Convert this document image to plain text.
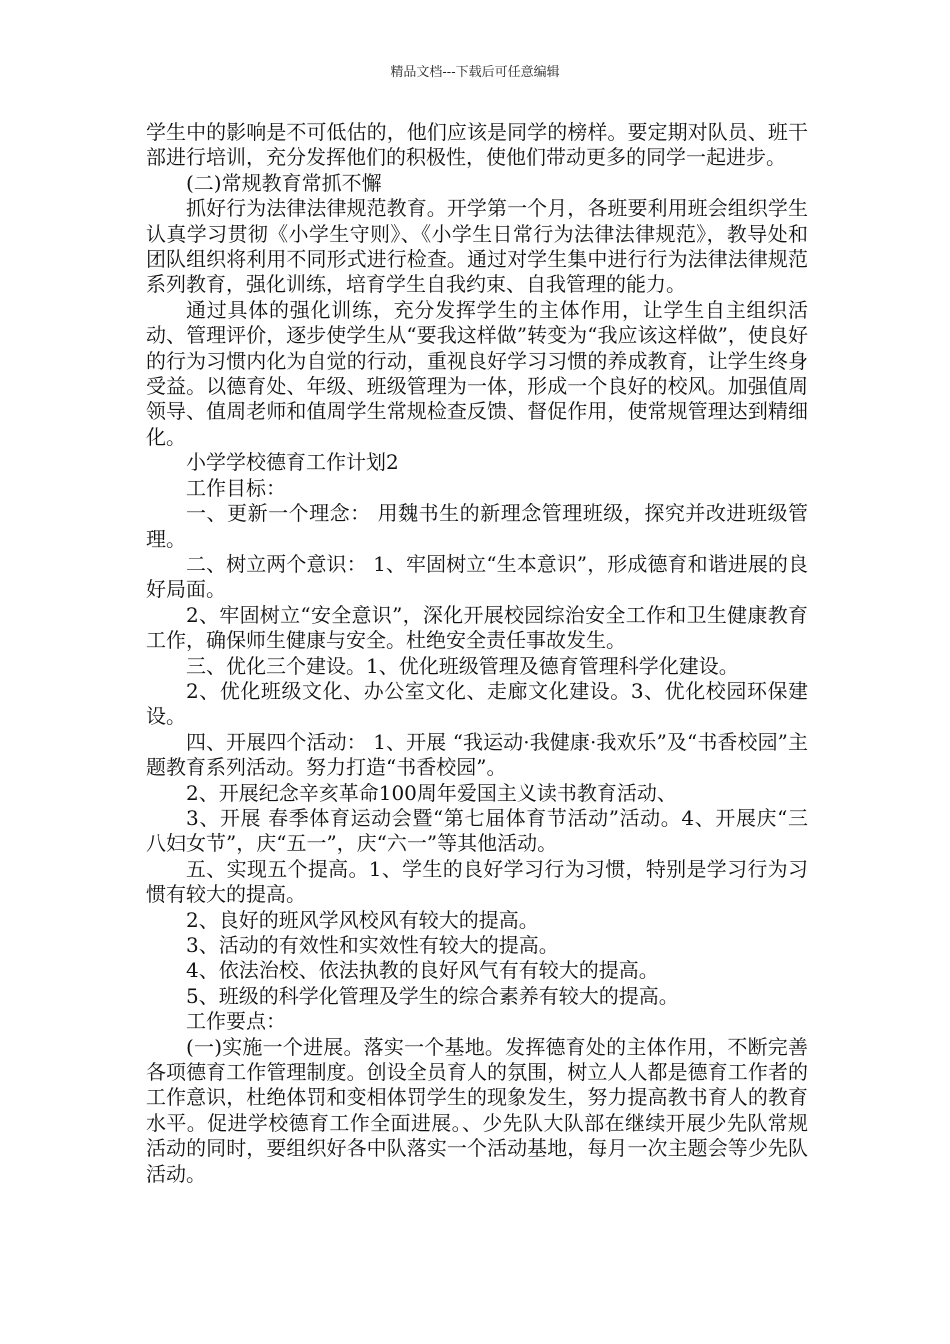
精品文档---下载后可任意编辑

学生中的影响是不可低估的，他们应该是同学的榜样。要定期对队员、班干部进行培训，充分发挥他们的积极性，使他们带动更多的同学一起进步。

(二)常规教育常抓不懈

抓好行为法律法律规范教育。开学第一个月，各班要利用班会组织学生认真学习贯彻《小学生守则》、《小学生日常行为法律法律规范》，教导处和团队组织将利用不同形式进行检查。通过对学生集中进行行为法律法律规范系列教育，强化训练，培育学生自我约束、自我管理的能力。

通过具体的强化训练，充分发挥学生的主体作用，让学生自主组织活动、管理评价，逐步使学生从“要我这样做”转变为“我应该这样做”，使良好的行为习惯内化为自觉的行动，重视良好学习习惯的养成教育，让学生终身受益。以德育处、年级、班级管理为一体，形成一个良好的校风。加强值周领导、值周老师和值周学生常规检查反馈、督促作用，使常规管理达到精细化。

小学学校德育工作计划2

工作目标：

一、更新一个理念： 用魏书生的新理念管理班级，探究并改进班级管理。

二、树立两个意识： 1、牢固树立“生本意识”，形成德育和谐进展的良好局面。

2、牢固树立“安全意识”，深化开展校园综治安全工作和卫生健康教育工作，确保师生健康与安全。杜绝安全责任事故发生。

三、优化三个建设。1、优化班级管理及德育管理科学化建设。

2、优化班级文化、办公室文化、走廊文化建设。3、优化校园环保建设。

四、开展四个活动： 1、开展 “我运动·我健康·我欢乐”及“书香校园”主题教育系列活动。努力打造“书香校园”。

2、开展纪念辛亥革命100周年爱国主义读书教育活动、

3、开展 春季体育运动会暨“第七届体育节活动”活动。4、开展庆“三八妇女节”，庆“五一”，庆“六一”等其他活动。

五、实现五个提高。1、学生的良好学习行为习惯，特别是学习行为习惯有较大的提高。

2、良好的班风学风校风有较大的提高。

3、活动的有效性和实效性有较大的提高。

4、依法治校、依法执教的良好风气有有较大的提高。

5、班级的科学化管理及学生的综合素养有较大的提高。

工作要点：

(一)实施一个进展。落实一个基地。发挥德育处的主体作用，不断完善各项德育工作管理制度。创设全员育人的氛围，树立人人都是德育工作者的工作意识，杜绝体罚和变相体罚学生的现象发生，努力提高教书育人的教育水平。促进学校德育工作全面进展。、少先队大队部在继续开展少先队常规活动的同时，要组织好各中队落实一个活动基地，每月一次主题会等少先队活动。
